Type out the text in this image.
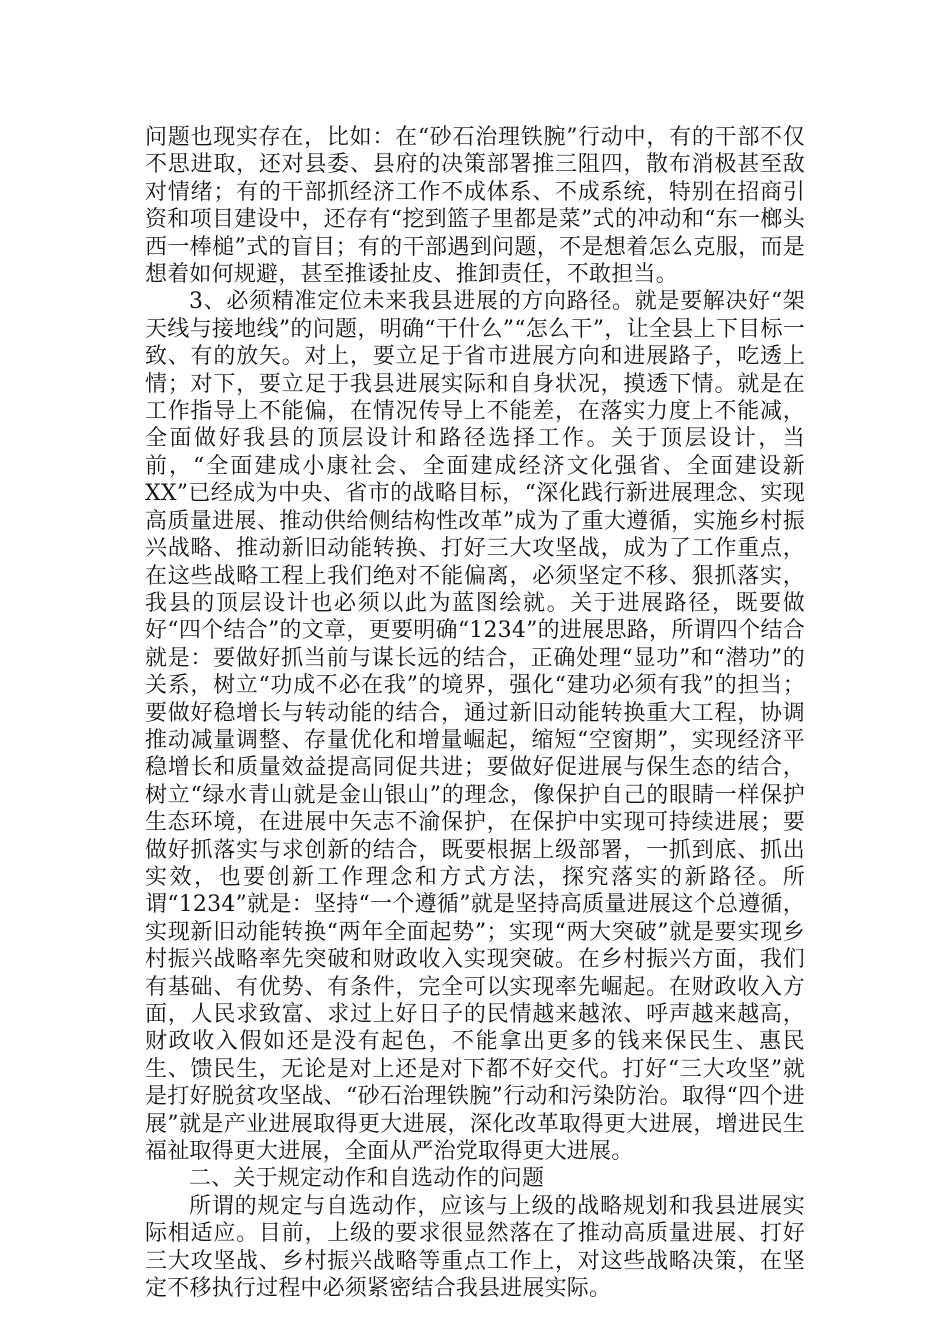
问题也现实存在，比如：在“砂石治理铁腕”行动中，有的干部不仅不思进取，还对县委、县府的决策部署推三阻四，散布消极甚至敌对情绪；有的干部抓经济工作不成体系、不成系统，特别在招商引资和项目建设中，还存有“挖到篮子里都是菜”式的冲动和“东一榔头西一棒槌”式的盲目；有的干部遇到问题，不是想着怎么克服，而是想着如何规避，甚至推诿扯皮、推卸责任，不敢担当。

3、必须精准定位未来我县进展的方向路径。就是要解决好“架天线与接地线”的问题，明确“干什么”“怎么干”，让全县上下目标一致、有的放矢。对上，要立足于省市进展方向和进展路子，吃透上情；对下，要立足于我县进展实际和自身状况，摸透下情。就是在工作指导上不能偏，在情况传导上不能差，在落实力度上不能减，全面做好我县的顶层设计和路径选择工作。关于顶层设计，当前，“全面建成小康社会、全面建成经济文化强省、全面建设新XX”已经成为中央、省市的战略目标，“深化践行新进展理念、实现高质量进展、推动供给侧结构性改革”成为了重大遵循，实施乡村振兴战略、推动新旧动能转换、打好三大攻坚战，成为了工作重点，在这些战略工程上我们绝对不能偏离，必须坚定不移、狠抓落实，我县的顶层设计也必须以此为蓝图绘就。关于进展路径，既要做好“四个结合”的文章，更要明确“1234”的进展思路，所谓四个结合就是：要做好抓当前与谋长远的结合，正确处理“显功”和“潜功”的关系，树立“功成不必在我”的境界，强化“建功必须有我”的担当；要做好稳增长与转动能的结合，通过新旧动能转换重大工程，协调推动减量调整、存量优化和增量崛起，缩短“空窗期”，实现经济平稳增长和质量效益提高同促共进；要做好促进展与保生态的结合，树立“绿水青山就是金山银山”的理念，像保护自己的眼睛一样保护生态环境，在进展中矢志不渝保护，在保护中实现可持续进展；要做好抓落实与求创新的结合，既要根据上级部署，一抓到底、抓出实效，也要创新工作理念和方式方法，探究落实的新路径。所谓“1234”就是：坚持“一个遵循”就是坚持高质量进展这个总遵循，实现新旧动能转换“两年全面起势”；实现“两大突破”就是要实现乡村振兴战略率先突破和财政收入实现突破。在乡村振兴方面，我们有基础、有优势、有条件，完全可以实现率先崛起。在财政收入方面，人民求致富、求过上好日子的民情越来越浓、呼声越来越高，财政收入假如还是没有起色，不能拿出更多的钱来保民生、惠民生、馈民生，无论是对上还是对下都不好交代。打好“三大攻坚”就是打好脱贫攻坚战、“砂石治理铁腕”行动和污染防治。取得“四个进展”就是产业进展取得更大进展，深化改革取得更大进展，增进民生福祉取得更大进展，全面从严治党取得更大进展。

二、关于规定动作和自选动作的问题

所谓的规定与自选动作，应该与上级的战略规划和我县进展实际相适应。目前，上级的要求很显然落在了推动高质量进展、打好三大攻坚战、乡村振兴战略等重点工作上，对这些战略决策，在坚定不移执行过程中必须紧密结合我县进展实际。
